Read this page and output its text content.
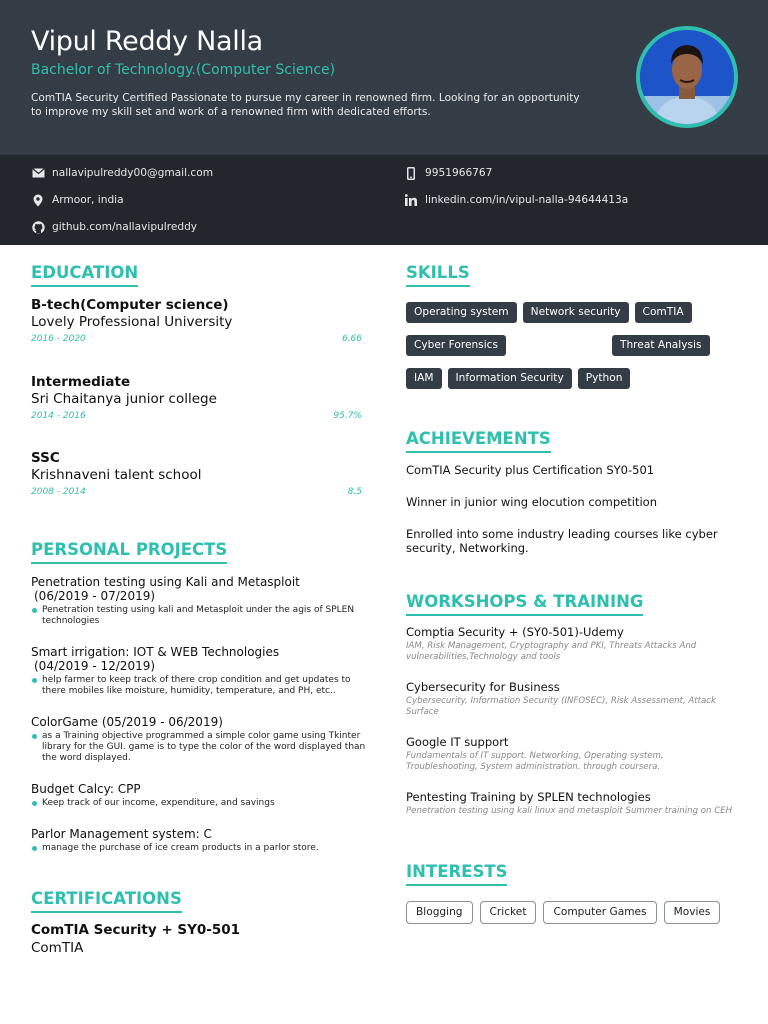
Vipul Reddy Nalla
Bachelor of Technology.(Computer Science)
ComTIA Security Certified Passionate to pursue my career in renowned firm. Looking for an opportunity to improve my skill set and work of a renowned firm with dedicated efforts.
nallavipulreddy00@gmail.com	9951966767
Armoor, india	linkedin.com/in/vipul-nalla-94644413a
github.com/nallavipulreddy
EDUCATION
B-tech(Computer science)
Lovely Professional University
2016 - 2020	6.66
Intermediate
Sri Chaitanya junior college
2014 - 2016	95.7%
SSC
Krishnaveni talent school
2008 - 2014	8.5
PERSONAL PROJECTS
Penetration testing using Kali and Metasploit
(06/2019 - 07/2019)
Penetration testing using kali and Metasploit under the agis of SPLEN technologies
Smart irrigation: IOT & WEB Technologies
(04/2019 - 12/2019)
help farmer to keep track of there crop condition and get updates to there mobiles like moisture, humidity, temperature, and PH, etc..
ColorGame (05/2019 - 06/2019)
as a Training objective programmed a simple color game using Tkinter library for the GUI. game is to type the color of the word displayed than the word displayed.
Budget Calcy: CPP
Keep track of our income, expenditure, and savings
Parlor Management system: C
manage the purchase of ice cream products in a parlor store.
CERTIFICATIONS
ComTIA Security + SY0-501
ComTIA
SKILLS
Operating system	Network security	ComTIA
Cyber Forensics	Threat Analysis
IAM	Information Security	Python
ACHIEVEMENTS
ComTIA Security plus Certification SY0-501
Winner in junior wing elocution competition
Enrolled into some industry leading courses like cyber security, Networking.
WORKSHOPS & TRAINING
Comptia Security + (SY0-501)-Udemy
IAM, Risk Management, Cryptography and PKI, Threats Attacks And vulnerabilities,Technology and tools
Cybersecurity for Business
Cybersecurity, Information Security (INFOSEC), Risk Assessment, Attack Surface
Google IT support
Fundamentals of IT support. Networking, Operating system, Troubleshooting, System administration. through coursera.
Pentesting Training by SPLEN technologies
Penetration testing using kali linux and metasploit Summer training on CEH
INTERESTS
Blogging	Cricket	Computer Games	Movies
